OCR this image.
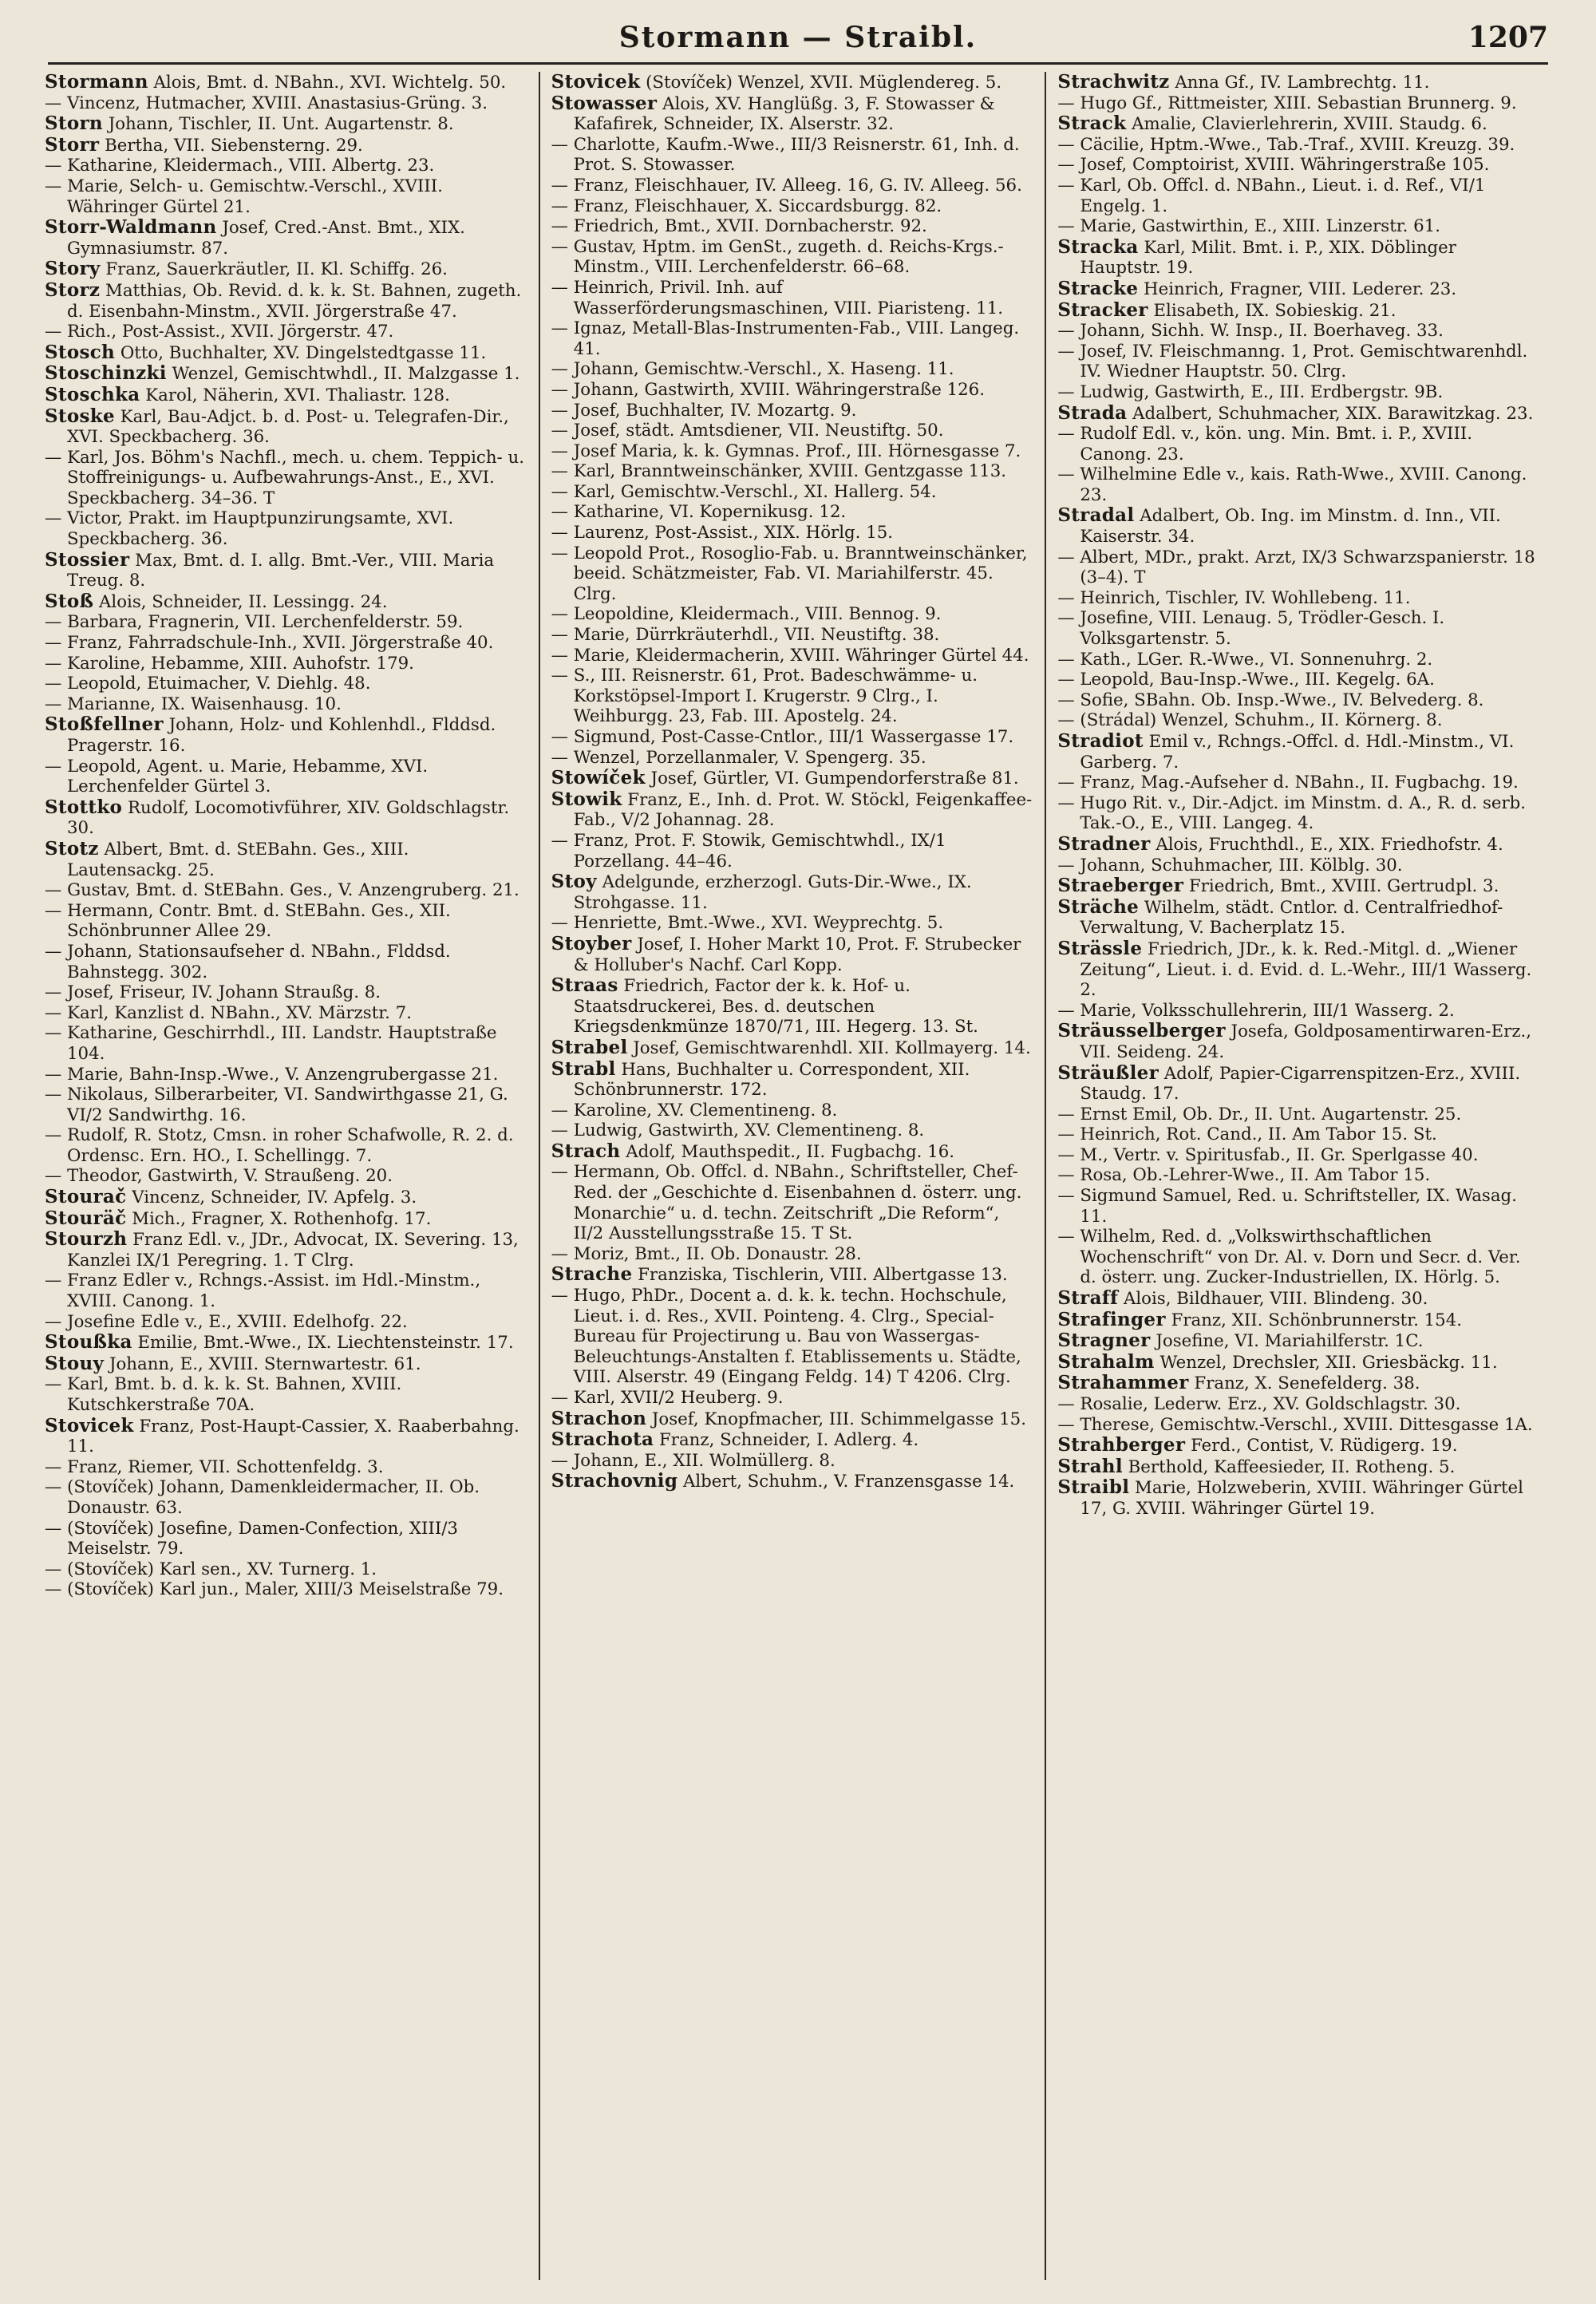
Stormann — Straibl.	1207

Stormann Alois, Bmt. d. NBahn., XVI. Wichtelg. 50.

— Vincenz, Hutmacher, XVIII. Anastasius-Grüng. 3.

Storn Johann, Tischler, II. Unt. Augartenstr. 8.

Storr Bertha, VII. Siebensterng. 29.

— Katharine, Kleidermach., VIII. Albertg. 23.

— Marie, Selch- u. Gemischtw.-Verschl., XVIII. Währinger Gürtel 21.

Storr-Waldmann Josef, Cred.-Anst. Bmt., XIX. Gymnasiumstr. 87.

Story Franz, Sauerkräutler, II. Kl. Schiffg. 26.

Storz Matthias, Ob. Revid. d. k. k. St. Bahnen, zugeth. d. Eisenbahn-Minstm., XVII. Jörgerstraße 47.

— Rich., Post-Assist., XVII. Jörgerstr. 47.

Stosch Otto, Buchhalter, XV. Dingelstedtgasse 11.

Stoschinzki Wenzel, Gemischtwhdl., II. Malzgasse 1.

Stoschka Karol, Näherin, XVI. Thaliastr. 128.

Stoske Karl, Bau-Adjct. b. d. Post- u. Telegrafen-Dir., XVI. Speckbacherg. 36.

— Karl, Jos. Böhm's Nachfl., mech. u. chem. Teppich- u. Stoffreinigungs- u. Aufbewahrungs-Anst., E., XVI. Speckbacherg. 34–36. T

— Victor, Prakt. im Hauptpunzirungsamte, XVI. Speckbacherg. 36.

Stossier Max, Bmt. d. I. allg. Bmt.-Ver., VIII. Maria Treug. 8.

Stoß Alois, Schneider, II. Lessingg. 24.

— Barbara, Fragnerin, VII. Lerchenfelderstr. 59.

— Franz, Fahrradschule-Inh., XVII. Jörgerstraße 40.

— Karoline, Hebamme, XIII. Auhofstr. 179.

— Leopold, Etuimacher, V. Diehlg. 48.

— Marianne, IX. Waisenhausg. 10.

Stoßfellner Johann, Holz- und Kohlenhdl., Flddsd. Pragerstr. 16.

— Leopold, Agent. u. Marie, Hebamme, XVI. Lerchenfelder Gürtel 3.

Stottko Rudolf, Locomotivführer, XIV. Goldschlagstr. 30.

Stotz Albert, Bmt. d. StEBahn. Ges., XIII. Lautensackg. 25.

— Gustav, Bmt. d. StEBahn. Ges., V. Anzengruberg. 21.

— Hermann, Contr. Bmt. d. StEBahn. Ges., XII. Schönbrunner Allee 29.

— Johann, Stationsaufseher d. NBahn., Flddsd. Bahnstegg. 302.

— Josef, Friseur, IV. Johann Straußg. 8.

— Karl, Kanzlist d. NBahn., XV. Märzstr. 7.

— Katharine, Geschirrhdl., III. Landstr. Hauptstraße 104.

— Marie, Bahn-Insp.-Wwe., V. Anzengrubergasse 21.

— Nikolaus, Silberarbeiter, VI. Sandwirthgasse 21, G. VI/2 Sandwirthg. 16.

— Rudolf, R. Stotz, Cmsn. in roher Schafwolle, R. 2. d. Ordensc. Ern. HO., I. Schellingg. 7.

— Theodor, Gastwirth, V. Straußeng. 20.

Stourač Vincenz, Schneider, IV. Apfelg. 3.

Stouräč Mich., Fragner, X. Rothenhofg. 17.

Stourzh Franz Edl. v., JDr., Advocat, IX. Severing. 13, Kanzlei IX/1 Peregring. 1. T Clrg.

— Franz Edler v., Rchngs.-Assist. im Hdl.-Minstm., XVIII. Canong. 1.

— Josefine Edle v., E., XVIII. Edelhofg. 22.

Stoußka Emilie, Bmt.-Wwe., IX. Liechtensteinstr. 17.

Stouy Johann, E., XVIII. Sternwartestr. 61.

— Karl, Bmt. b. d. k. k. St. Bahnen, XVIII. Kutschkerstraße 70A.

Stovicek Franz, Post-Haupt-Cassier, X. Raaberbahng. 11.

— Franz, Riemer, VII. Schottenfeldg. 3.

— (Stovíček) Johann, Damenkleidermacher, II. Ob. Donaustr. 63.

— (Stovíček) Josefine, Damen-Confection, XIII/3 Meiselstr. 79.

— (Stovíček) Karl sen., XV. Turnerg. 1.

— (Stovíček) Karl jun., Maler, XIII/3 Meiselstraße 79.

Stovicek (Stovíček) Wenzel, XVII. Müglendereg. 5.

Stowasser Alois, XV. Hanglüßg. 3, F. Stowasser & Kafafirek, Schneider, IX. Alserstr. 32.

— Charlotte, Kaufm.-Wwe., III/3 Reisnerstr. 61, Inh. d. Prot. S. Stowasser.

— Franz, Fleischhauer, IV. Alleeg. 16, G. IV. Alleeg. 56.

— Franz, Fleischhauer, X. Siccardsburgg. 82.

— Friedrich, Bmt., XVII. Dornbacherstr. 92.

— Gustav, Hptm. im GenSt., zugeth. d. Reichs-Krgs.-Minstm., VIII. Lerchenfelderstr. 66–68.

— Heinrich, Privil. Inh. auf Wasserförderungsmaschinen, VIII. Piaristeng. 11.

— Ignaz, Metall-Blas-Instrumenten-Fab., VIII. Langeg. 41.

— Johann, Gemischtw.-Verschl., X. Haseng. 11.

— Johann, Gastwirth, XVIII. Währingerstraße 126.

— Josef, Buchhalter, IV. Mozartg. 9.

— Josef, städt. Amtsdiener, VII. Neustiftg. 50.

— Josef Maria, k. k. Gymnas. Prof., III. Hörnesgasse 7.

— Karl, Branntweinschänker, XVIII. Gentzgasse 113.

— Karl, Gemischtw.-Verschl., XI. Hallerg. 54.

— Katharine, VI. Kopernikusg. 12.

— Laurenz, Post-Assist., XIX. Hörlg. 15.

— Leopold Prot., Rosoglio-Fab. u. Branntweinschänker, beeid. Schätzmeister, Fab. VI. Mariahilferstr. 45. Clrg.

— Leopoldine, Kleidermach., VIII. Bennog. 9.

— Marie, Dürrkräuterhdl., VII. Neustiftg. 38.

— Marie, Kleidermacherin, XVIII. Währinger Gürtel 44.

— S., III. Reisnerstr. 61, Prot. Badeschwämme- u. Korkstöpsel-Import I. Krugerstr. 9 Clrg., I. Weihburgg. 23, Fab. III. Apostelg. 24.

— Sigmund, Post-Casse-Cntlor., III/1 Wassergasse 17.

— Wenzel, Porzellanmaler, V. Spengerg. 35.

Stowíček Josef, Gürtler, VI. Gumpendorferstraße 81.

Stowik Franz, E., Inh. d. Prot. W. Stöckl, Feigenkaffee-Fab., V/2 Johannag. 28.

— Franz, Prot. F. Stowik, Gemischtwhdl., IX/1 Porzellang. 44–46.

Stoy Adelgunde, erzherzogl. Guts-Dir.-Wwe., IX. Strohgasse. 11.

— Henriette, Bmt.-Wwe., XVI. Weyprechtg. 5.

Stoyber Josef, I. Hoher Markt 10, Prot. F. Strubecker & Holluber's Nachf. Carl Kopp.

Straas Friedrich, Factor der k. k. Hof- u. Staatsdruckerei, Bes. d. deutschen Kriegsdenkmünze 1870/71, III. Hegerg. 13. St.

Strabel Josef, Gemischtwarenhdl. XII. Kollmayerg. 14.

Strabl Hans, Buchhalter u. Correspondent, XII. Schönbrunnerstr. 172.

— Karoline, XV. Clementineng. 8.

— Ludwig, Gastwirth, XV. Clementineng. 8.

Strach Adolf, Mauthspedit., II. Fugbachg. 16.

— Hermann, Ob. Offcl. d. NBahn., Schriftsteller, Chef-Red. der „Geschichte d. Eisenbahnen d. österr. ung. Monarchie“ u. d. techn. Zeitschrift „Die Reform“, II/2 Ausstellungsstraße 15. T St.

— Moriz, Bmt., II. Ob. Donaustr. 28.

Strache Franziska, Tischlerin, VIII. Albertgasse 13.

— Hugo, PhDr., Docent a. d. k. k. techn. Hochschule, Lieut. i. d. Res., XVII. Pointeng. 4. Clrg., Special-Bureau für Projectirung u. Bau von Wassergas-Beleuchtungs-Anstalten f. Etablissements u. Städte, VIII. Alserstr. 49 (Eingang Feldg. 14) T 4206. Clrg.

— Karl, XVII/2 Heuberg. 9.

Strachon Josef, Knopfmacher, III. Schimmelgasse 15.

Strachota Franz, Schneider, I. Adlerg. 4.

— Johann, E., XII. Wolmüllerg. 8.

Strachovnig Albert, Schuhm., V. Franzensgasse 14.

Strachwitz Anna Gf., IV. Lambrechtg. 11.

— Hugo Gf., Rittmeister, XIII. Sebastian Brunnerg. 9.

Strack Amalie, Clavierlehrerin, XVIII. Staudg. 6.

— Cäcilie, Hptm.-Wwe., Tab.-Traf., XVIII. Kreuzg. 39.

— Josef, Comptoirist, XVIII. Währingerstraße 105.

— Karl, Ob. Offcl. d. NBahn., Lieut. i. d. Ref., VI/1 Engelg. 1.

— Marie, Gastwirthin, E., XIII. Linzerstr. 61.

Stracka Karl, Milit. Bmt. i. P., XIX. Döblinger Hauptstr. 19.

Stracke Heinrich, Fragner, VIII. Lederer. 23.

Stracker Elisabeth, IX. Sobieskig. 21.

— Johann, Sichh. W. Insp., II. Boerhaveg. 33.

— Josef, IV. Fleischmanng. 1, Prot. Gemischtwarenhdl. IV. Wiedner Hauptstr. 50. Clrg.

— Ludwig, Gastwirth, E., III. Erdbergstr. 9B.

Strada Adalbert, Schuhmacher, XIX. Barawitzkag. 23.

— Rudolf Edl. v., kön. ung. Min. Bmt. i. P., XVIII. Canong. 23.

— Wilhelmine Edle v., kais. Rath-Wwe., XVIII. Canong. 23.

Stradal Adalbert, Ob. Ing. im Minstm. d. Inn., VII. Kaiserstr. 34.

— Albert, MDr., prakt. Arzt, IX/3 Schwarzspanierstr. 18 (3–4). T

— Heinrich, Tischler, IV. Wohllebeng. 11.

— Josefine, VIII. Lenaug. 5, Trödler-Gesch. I. Volksgartenstr. 5.

— Kath., LGer. R.-Wwe., VI. Sonnenuhrg. 2.

— Leopold, Bau-Insp.-Wwe., III. Kegelg. 6A.

— Sofie, SBahn. Ob. Insp.-Wwe., IV. Belvederg. 8.

— (Strádal) Wenzel, Schuhm., II. Körnerg. 8.

Stradiot Emil v., Rchngs.-Offcl. d. Hdl.-Minstm., VI. Garberg. 7.

— Franz, Mag.-Aufseher d. NBahn., II. Fugbachg. 19.

— Hugo Rit. v., Dir.-Adjct. im Minstm. d. A., R. d. serb. Tak.-O., E., VIII. Langeg. 4.

Stradner Alois, Fruchthdl., E., XIX. Friedhofstr. 4.

— Johann, Schuhmacher, III. Kölblg. 30.

Straeberger Friedrich, Bmt., XVIII. Gertrudpl. 3.

Sträche Wilhelm, städt. Cntlor. d. Centralfriedhof-Verwaltung, V. Bacherplatz 15.

Strässle Friedrich, JDr., k. k. Red.-Mitgl. d. „Wiener Zeitung“, Lieut. i. d. Evid. d. L.-Wehr., III/1 Wasserg. 2.

— Marie, Volksschullehrerin, III/1 Wasserg. 2.

Sträusselberger Josefa, Goldposamentirwaren-Erz., VII. Seideng. 24.

Sträußler Adolf, Papier-Cigarrenspitzen-Erz., XVIII. Staudg. 17.

— Ernst Emil, Ob. Dr., II. Unt. Augartenstr. 25.

— Heinrich, Rot. Cand., II. Am Tabor 15. St.

— M., Vertr. v. Spiritusfab., II. Gr. Sperlgasse 40.

— Rosa, Ob.-Lehrer-Wwe., II. Am Tabor 15.

— Sigmund Samuel, Red. u. Schriftsteller, IX. Wasag. 11.

— Wilhelm, Red. d. „Volkswirthschaftlichen Wochenschrift“ von Dr. Al. v. Dorn und Secr. d. Ver. d. österr. ung. Zucker-Industriellen, IX. Hörlg. 5.

Straff Alois, Bildhauer, VIII. Blindeng. 30.

Strafinger Franz, XII. Schönbrunnerstr. 154.

Stragner Josefine, VI. Mariahilferstr. 1C.

Strahalm Wenzel, Drechsler, XII. Griesbäckg. 11.

Strahammer Franz, X. Senefelderg. 38.

— Rosalie, Lederw. Erz., XV. Goldschlagstr. 30.

— Therese, Gemischtw.-Verschl., XVIII. Dittesgasse 1A.

Strahberger Ferd., Contist, V. Rüdigerg. 19.

Strahl Berthold, Kaffeesieder, II. Rotheng. 5.

Straibl Marie, Holzweberin, XVIII. Währinger Gürtel 17, G. XVIII. Währinger Gürtel 19.
